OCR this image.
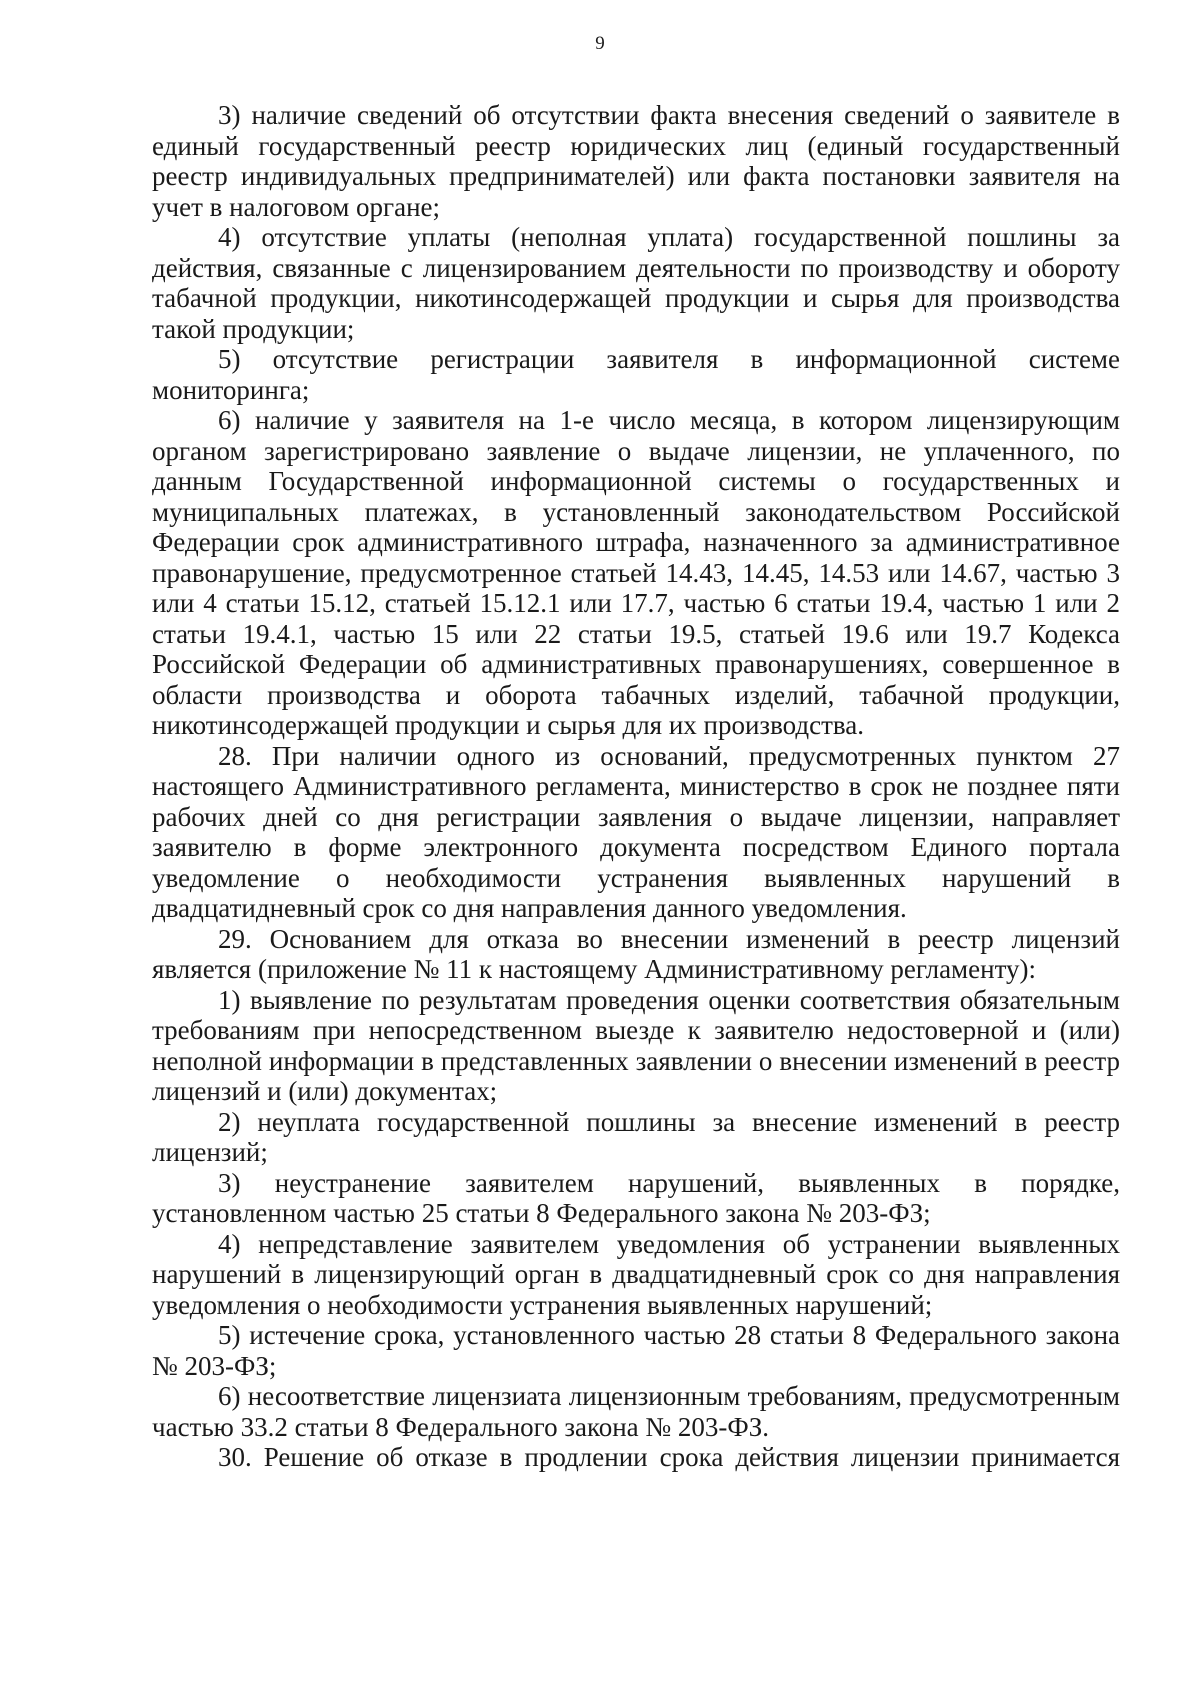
9

3) наличие сведений об отсутствии факта внесения сведений о заявителе в единый государственный реестр юридических лиц (единый государственный реестр индивидуальных предпринимателей) или факта постановки заявителя на учет в налоговом органе;

4) отсутствие уплаты (неполная уплата) государственной пошлины за действия, связанные с лицензированием деятельности по производству и обороту табачной продукции, никотинсодержащей продукции и сырья для производства такой продукции;

5) отсутствие регистрации заявителя в информационной системе мониторинга;

6) наличие у заявителя на 1-е число месяца, в котором лицензирующим органом зарегистрировано заявление о выдаче лицензии, не уплаченного, по данным Государственной информационной системы о государственных и муниципальных платежах, в установленный законодательством Российской Федерации срок административного штрафа, назначенного за административное правонарушение, предусмотренное статьей 14.43, 14.45, 14.53 или 14.67, частью 3 или 4 статьи 15.12, статьей 15.12.1 или 17.7, частью 6 статьи 19.4, частью 1 или 2 статьи 19.4.1, частью 15 или 22 статьи 19.5, статьей 19.6 или 19.7 Кодекса Российской Федерации об административных правонарушениях, совершенное в области производства и оборота табачных изделий, табачной продукции, никотинсодержащей продукции и сырья для их производства.

28. При наличии одного из оснований, предусмотренных пунктом 27 настоящего Административного регламента, министерство в срок не позднее пяти рабочих дней со дня регистрации заявления о выдаче лицензии, направляет заявителю в форме электронного документа посредством Единого портала уведомление о необходимости устранения выявленных нарушений в двадцатидневный срок со дня направления данного уведомления.

29. Основанием для отказа во внесении изменений в реестр лицензий является (приложение № 11 к настоящему Административному регламенту):

1) выявление по результатам проведения оценки соответствия обязательным требованиям при непосредственном выезде к заявителю недостоверной и (или) неполной информации в представленных заявлении о внесении изменений в реестр лицензий и (или) документах;

2) неуплата государственной пошлины за внесение изменений в реестр лицензий;

3) неустранение заявителем нарушений, выявленных в порядке, установленном частью 25 статьи 8 Федерального закона № 203-ФЗ;

4) непредставление заявителем уведомления об устранении выявленных нарушений в лицензирующий орган в двадцатидневный срок со дня направления уведомления о необходимости устранения выявленных нарушений;

5) истечение срока, установленного частью 28 статьи 8 Федерального закона № 203-ФЗ;

6) несоответствие лицензиата лицензионным требованиям, предусмотренным частью 33.2 статьи 8 Федерального закона № 203-ФЗ.

30. Решение об отказе в продлении срока действия лицензии принимается
